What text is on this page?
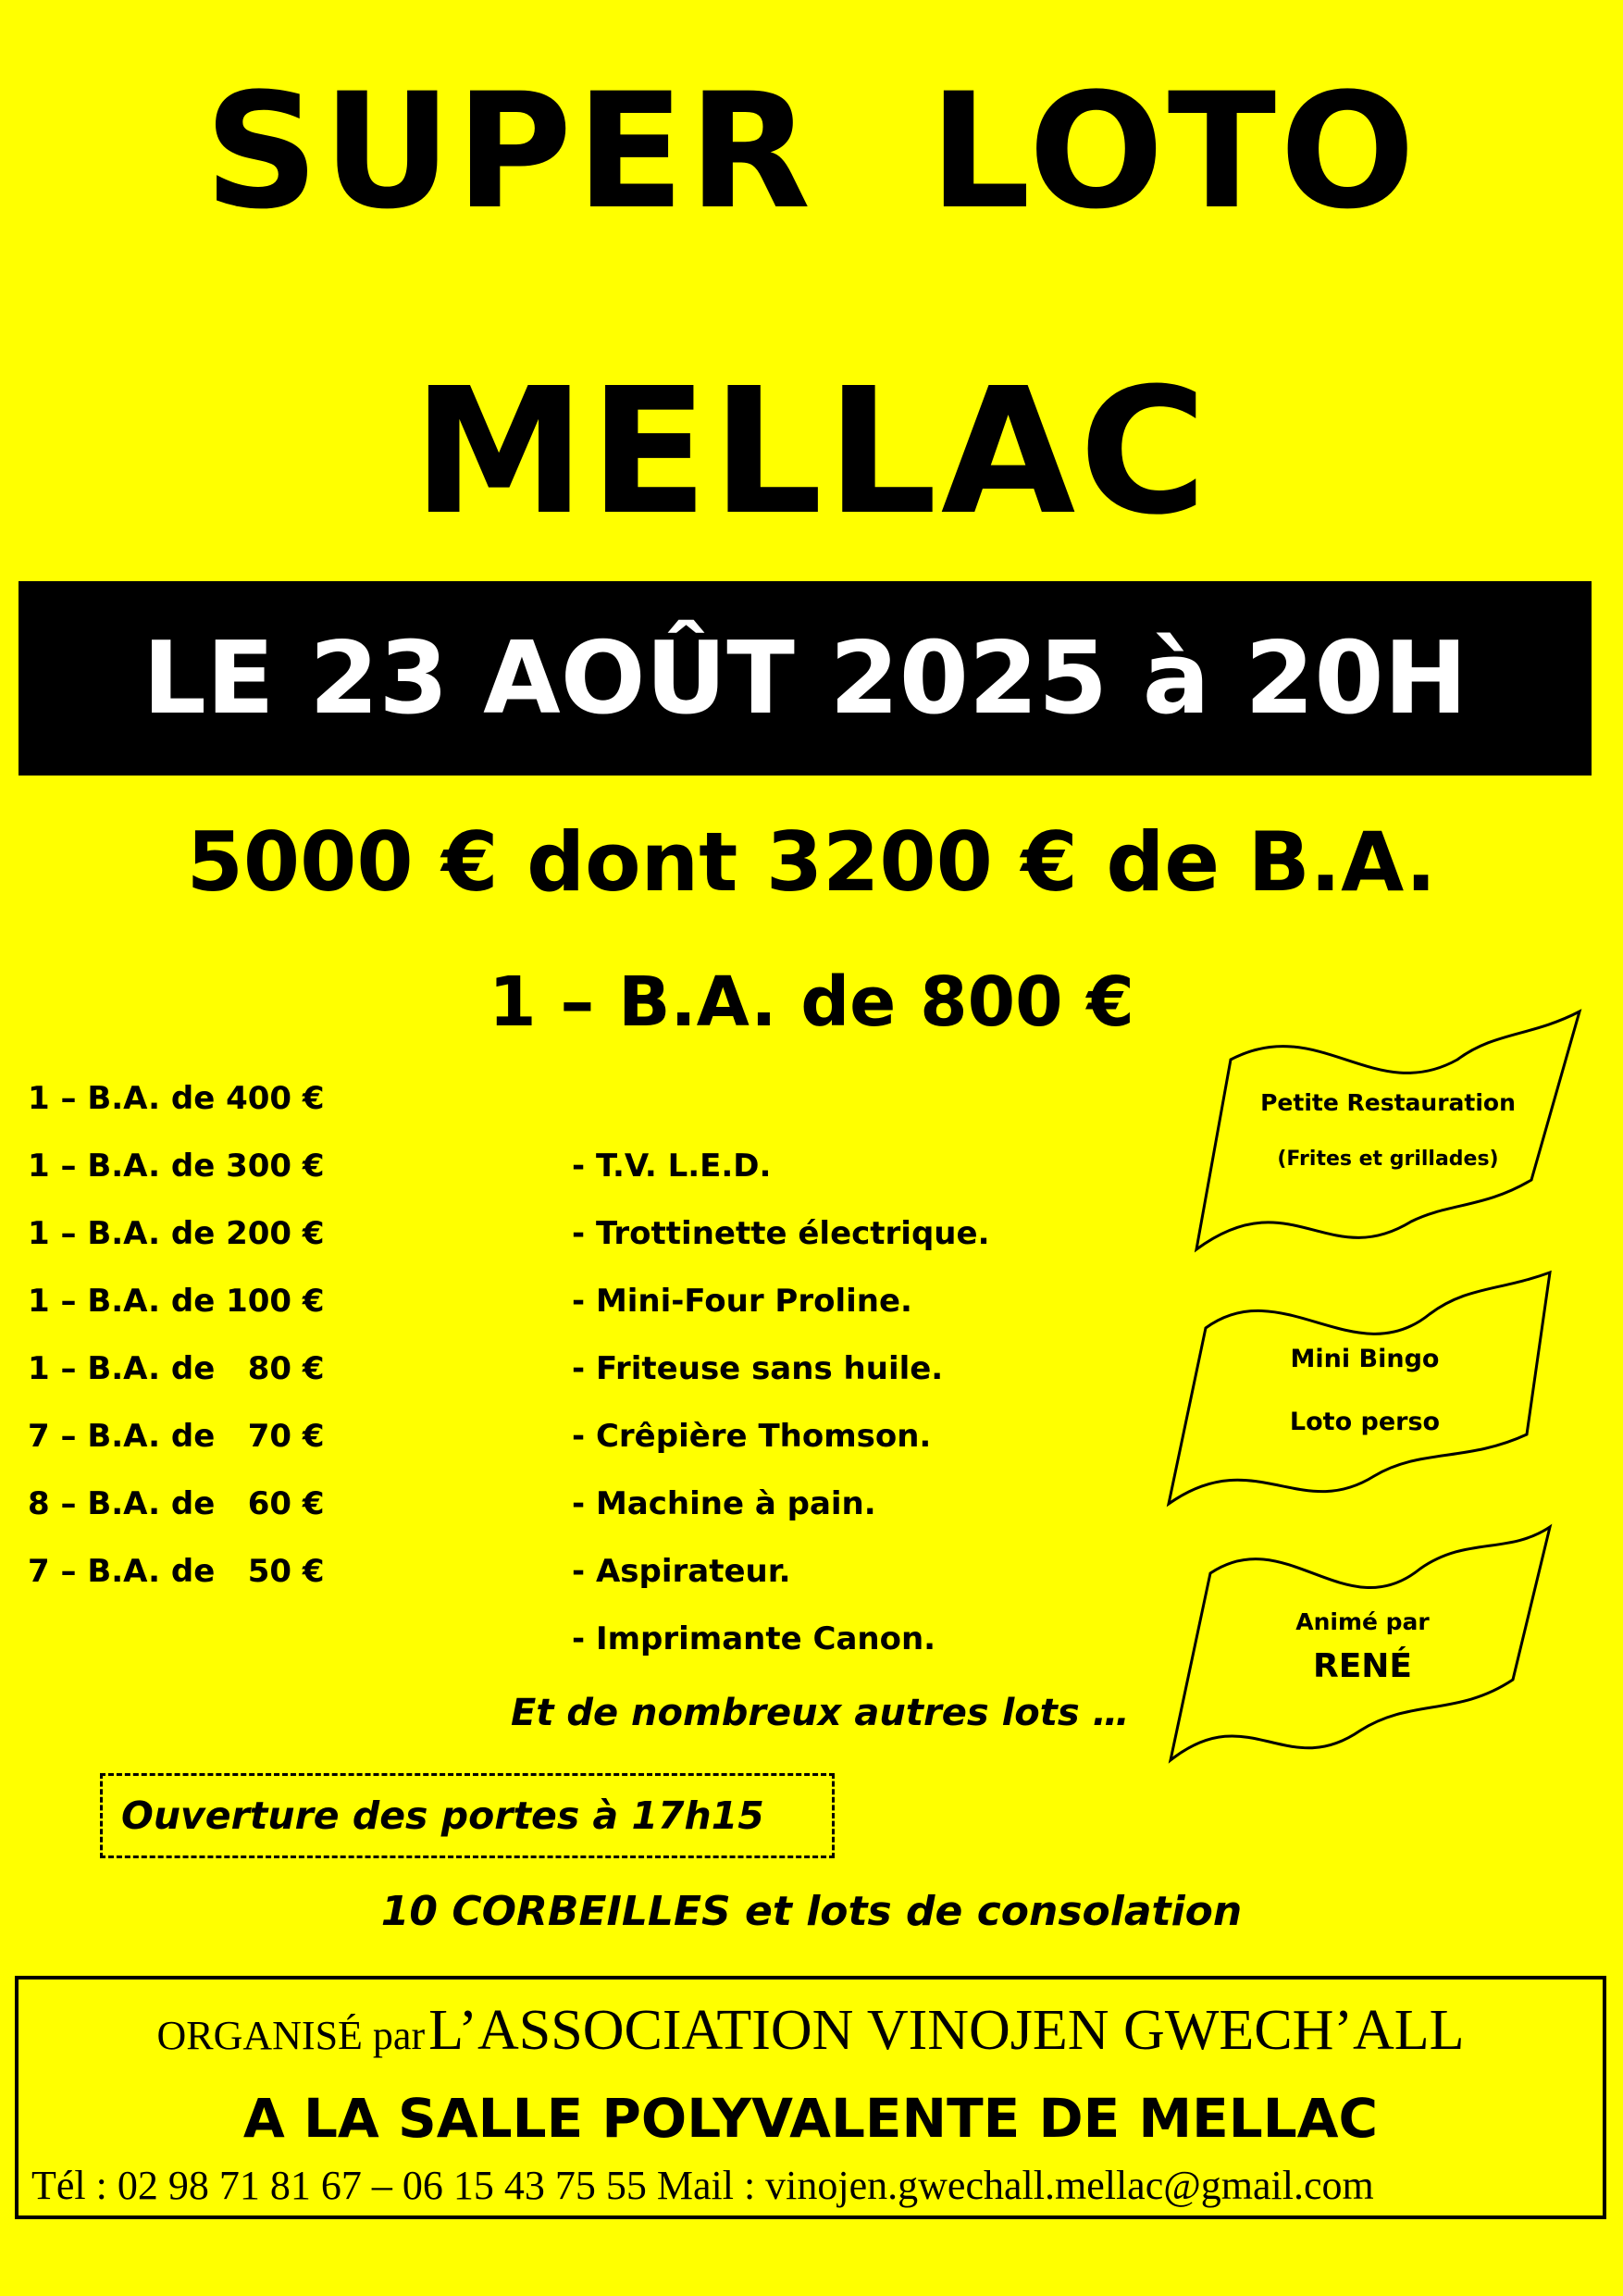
SUPER LOTO
MELLAC
LE 23 AOÛT 2025 à 20H
5000 € dont 3200 € de B.A.
1 – B.A. de 800 €
1 – B.A. de 400 €
1 – B.A. de 300 €
1 – B.A. de 200 €
1 – B.A. de 100 €
1 – B.A. de   80 €
7 – B.A. de   70 €
8 – B.A. de   60 €
7 – B.A. de   50 €
- T.V. L.E.D.
- Trottinette électrique.
- Mini-Four Proline.
- Friteuse sans huile.
- Crêpière Thomson.
- Machine à pain.
- Aspirateur.
- Imprimante Canon.
Et de nombreux autres lots …
Ouverture des portes à 17h15
10 CORBEILLES et lots de consolation
Petite Restauration
(Frites et grillades)
Mini Bingo
Loto perso
Animé par
RENÉ
ORGANISÉ par L’ASSOCIATION VINOJEN GWECH’ALL
A LA SALLE POLYVALENTE DE MELLAC
Tél : 02 98 71 81 67 – 06 15 43 75 55 Mail : vinojen.gwechall.mellac@gmail.com
